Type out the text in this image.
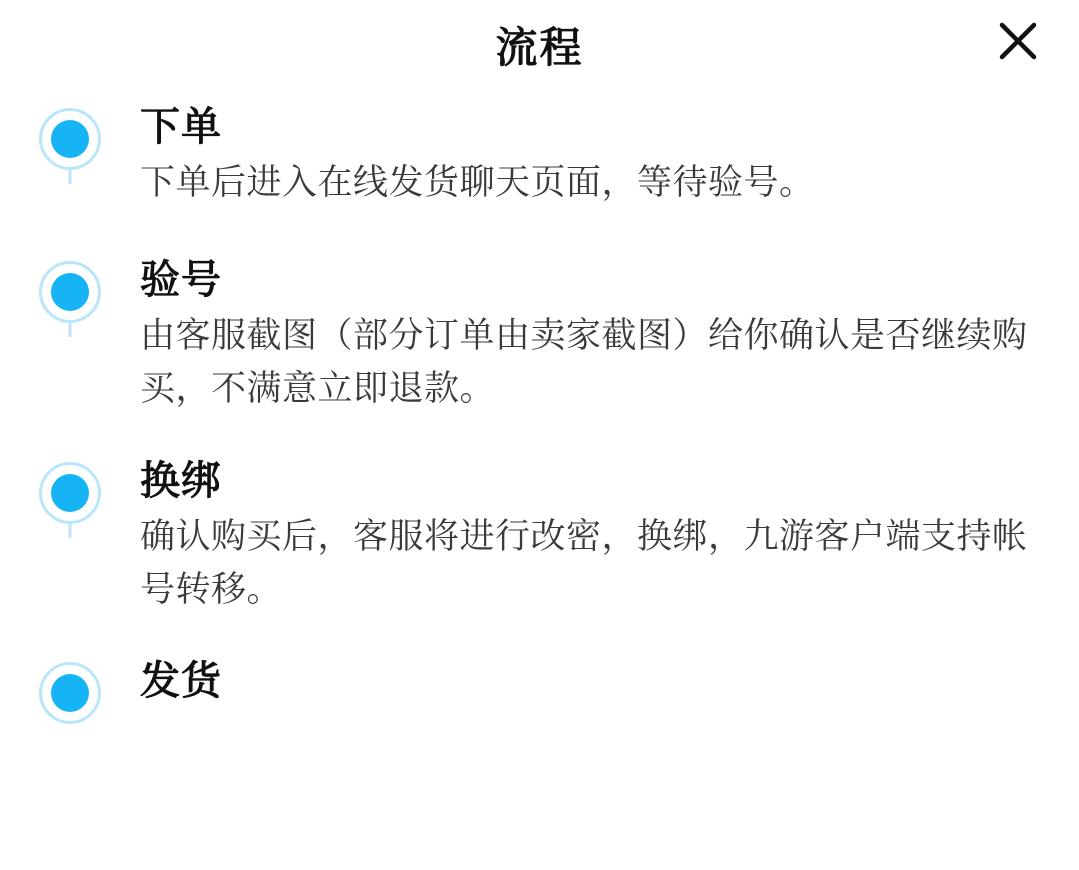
流程
下单
下单后进入在线发货聊天页面，等待验号。
验号
由客服截图（部分订单由卖家截图）给你确认是否继续购买，不满意立即退款。
换绑
确认购买后，客服将进行改密，换绑，九游客户端支持帐号转移。
发货
